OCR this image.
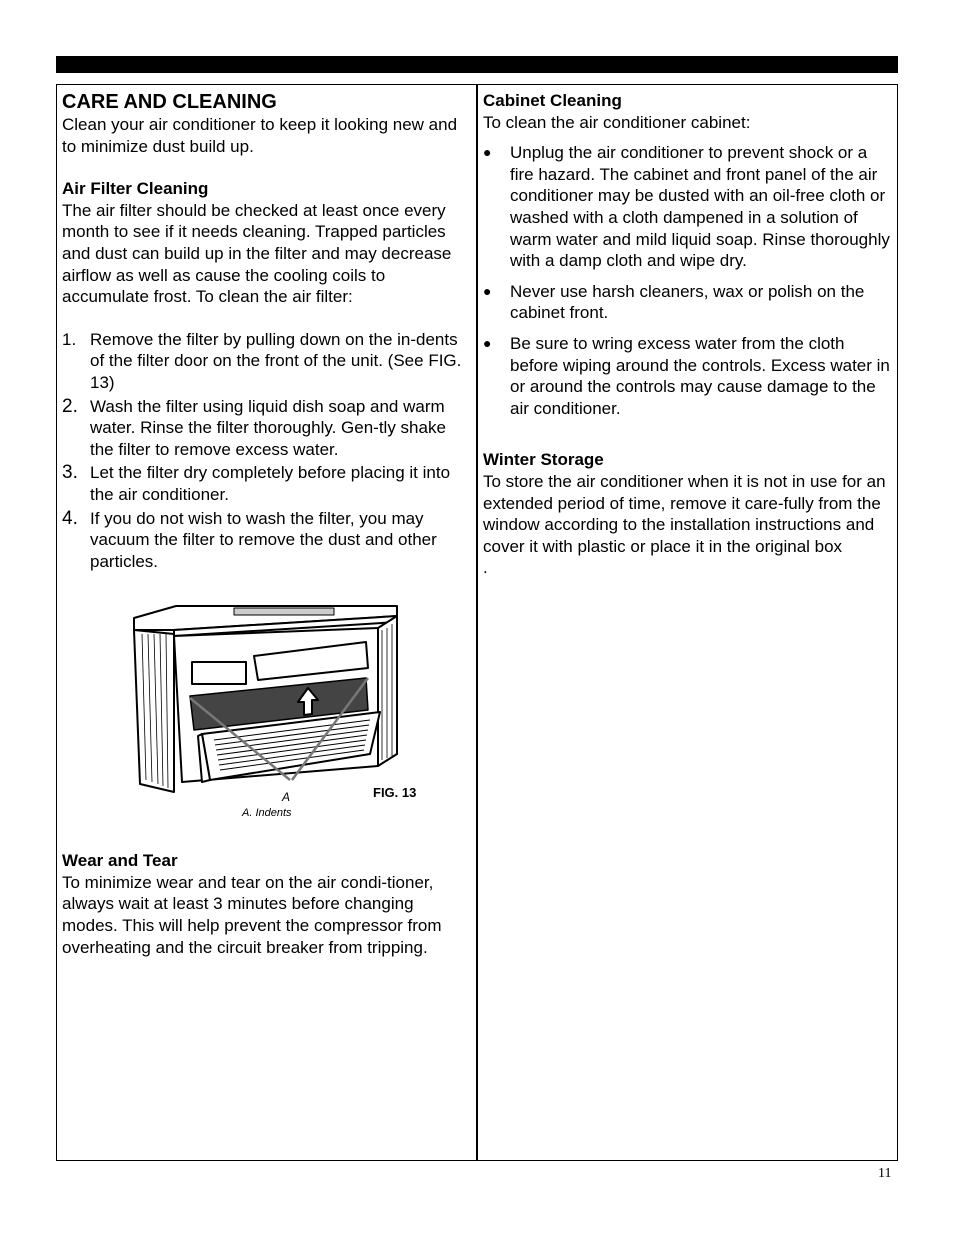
CARE AND CLEANING

Clean your air conditioner to keep it looking new and to minimize dust build up.

Air Filter Cleaning

The air filter should be checked at least once every month to see if it needs cleaning. Trapped particles and dust can build up in the filter and may decrease airflow as well as cause the cooling coils to accumulate frost. To clean the air filter:

1. Remove the filter by pulling down on the in-dents of the filter door on the front of the unit. (See FIG. 13)
2. Wash the filter using liquid dish soap and warm water. Rinse the filter thoroughly. Gen-tly shake the filter to remove excess water.
3. Let the filter dry completely before placing it into the air conditioner.
4. If you do not wish to wash the filter, you may vacuum the filter to remove the dust and other particles.
FIG. 13
A
A. Indents
Wear and Tear

To minimize wear and tear on the air condi-tioner, always wait at least 3 minutes before changing modes. This will help prevent the compressor from overheating and the circuit breaker from tripping.

Cabinet Cleaning

To clean the air conditioner cabinet:

● Unplug the air conditioner to prevent shock or a fire hazard. The cabinet and front panel of the air conditioner may be dusted with an oil-free cloth or washed with a cloth dampened in a solution of warm water and mild liquid soap. Rinse thoroughly with a damp cloth and wipe dry.
● Never use harsh cleaners, wax or polish on the cabinet front.
● Be sure to wring excess water from the cloth before wiping around the controls. Excess water in or around the controls may cause damage to the air conditioner.
Winter Storage

To store the air conditioner when it is not in use for an extended period of time, remove it care-fully from the window according to the installation instructions and cover it with plastic or place it in the original box

.

11
